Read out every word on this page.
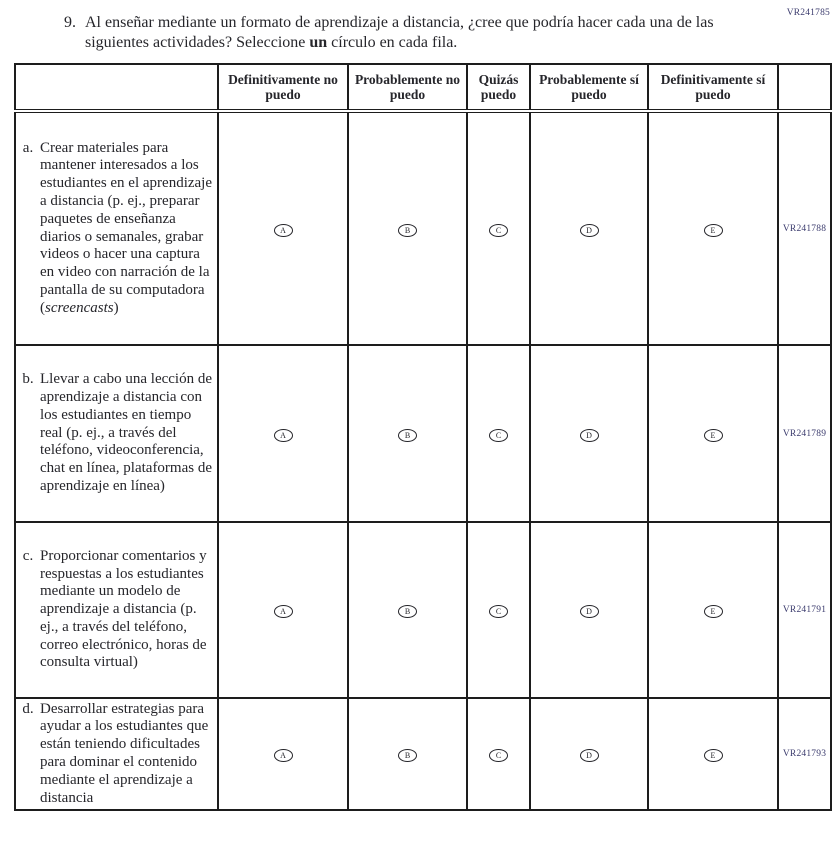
VR241785
9. Al enseñar mediante un formato de aprendizaje a distancia, ¿cree que podría hacer cada una de las siguientes actividades? Seleccione un círculo en cada fila.
	Definitivamente no puedo	Probablemente no puedo	Quizás puedo	Probablemente sí puedo	Definitivamente sí puedo	

a. Crear materiales para mantener interesados a los estudiantes en el aprendizaje a distancia (p. ej., preparar paquetes de enseñanza diarios o semanales, grabar videos o hacer una captura en video con narración de la pantalla de su computadora (screencasts)	A	B	C	D	E	VR241788

b. Llevar a cabo una lección de aprendizaje a distancia con los estudiantes en tiempo real (p. ej., a través del teléfono, videoconferencia, chat en línea, plataformas de aprendizaje en línea)	A	B	C	D	E	VR241789

c. Proporcionar comentarios y respuestas a los estudiantes mediante un modelo de aprendizaje a distancia (p. ej., a través del teléfono, correo electrónico, horas de consulta virtual)	A	B	C	D	E	VR241791

d. Desarrollar estrategias para ayudar a los estudiantes que están teniendo dificultades para dominar el contenido mediante el aprendizaje a distancia	A	B	C	D	E	VR241793
